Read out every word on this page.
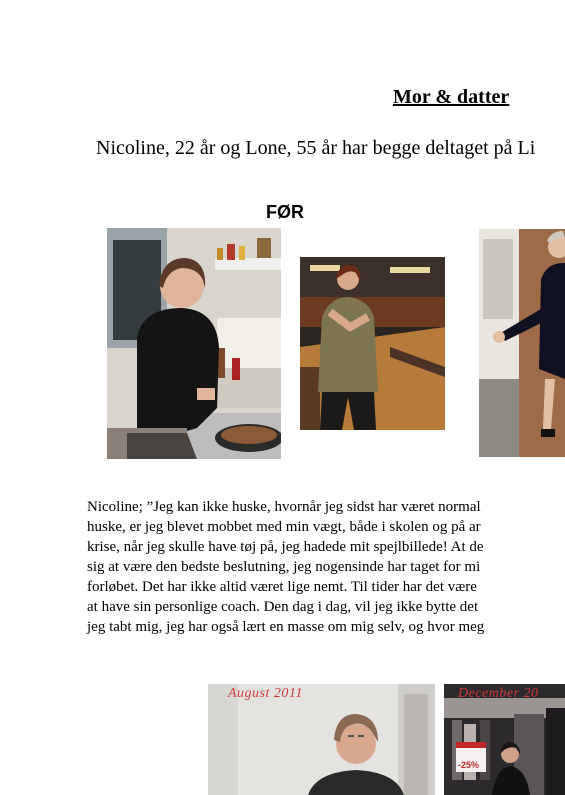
Mor & datter
Nicoline, 22 år og Lone, 55 år har begge deltaget på Li
FØR
Nicoline; ”Jeg kan ikke huske, hvornår jeg sidst har været normal
huske, er jeg blevet mobbet med min vægt, både i skolen og på ar
krise, når jeg skulle have tøj på, jeg hadede mit spejlbillede! At de
sig at være den bedste beslutning, jeg nogensinde har taget for mi
forløbet. Det har ikke altid været lige nemt. Til tider har det være
at have sin personlige coach. Den dag i dag, vil jeg ikke bytte det
jeg tabt mig, jeg har også lært en masse om mig selv, og hvor meg
August 2011
-25%
December 20
